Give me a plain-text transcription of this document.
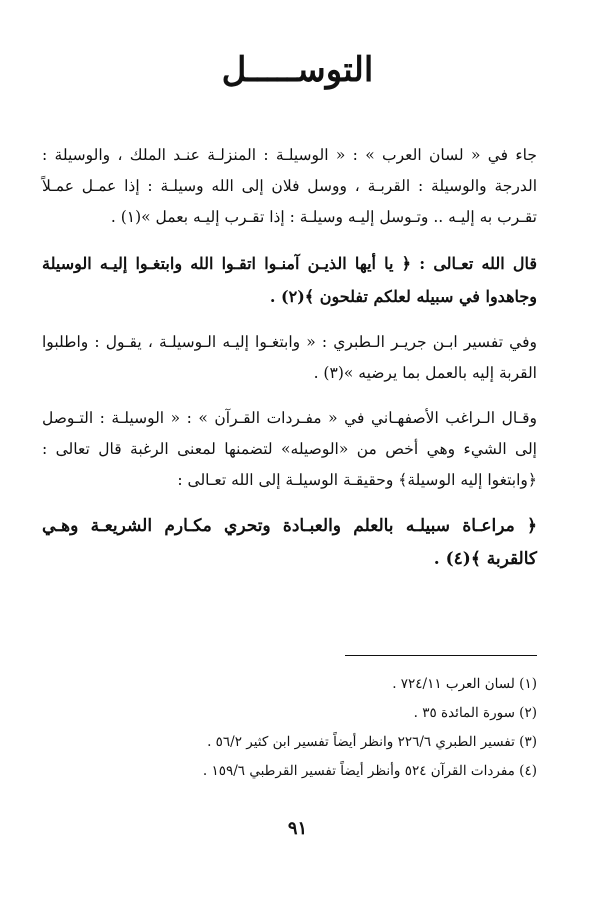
التوســـــل

جاء في « لسان العرب » : « الوسيلـة : المنزلـة عنـد الملك ، والوسيلة : الدرجة والوسيلة : القربـة ، ووسل فلان إلى الله وسيلـة : إذا عمـل عمـلاً تقـرب به إليـه .. وتـوسل إليـه وسيلـة : إذا تقـرب إليـه بعمل »(١) .

قال الله تعـالى : ﴿ يا أيها الذيـن آمنـوا اتقـوا الله وابتغـوا إليـه الوسيلة وجاهدوا في سبيله لعلكم تفلحون ﴾(٢) .

وفي تفسير ابـن جريـر الـطبري : « وابتغـوا إليـه الـوسيلـة ، يقـول : واطلبوا القربة إليه بالعمل بما يرضيه »(٣) .

وقـال الـراغب الأصفهـاني في « مفـردات القـرآن » : « الوسيلـة : التـوصل إلى الشيء وهي أخص من «الوصيله» لتضمنها لمعنى الرغبة قال تعالى : ﴿وابتغوا إليه الوسيلة﴾ وحقيقـة الوسيلـة إلى الله تعـالى :

﴿ مراعـاة سبيلـه بالعلم والعبـادة وتحري مكـارم الشريعـة وهـي كالقربة ﴾(٤) .

(١) لسان العرب ٧٢٤/١١ .
(٢) سورة المائدة ٣٥ .
(٣) تفسير الطبري ٢٢٦/٦ وانظر أيضاً تفسير ابن كثير ٥٦/٢ .
(٤) مفردات القرآن ٥٢٤ وأنظر أيضاً تفسير القرطبي ١٥٩/٦ .
٩١
